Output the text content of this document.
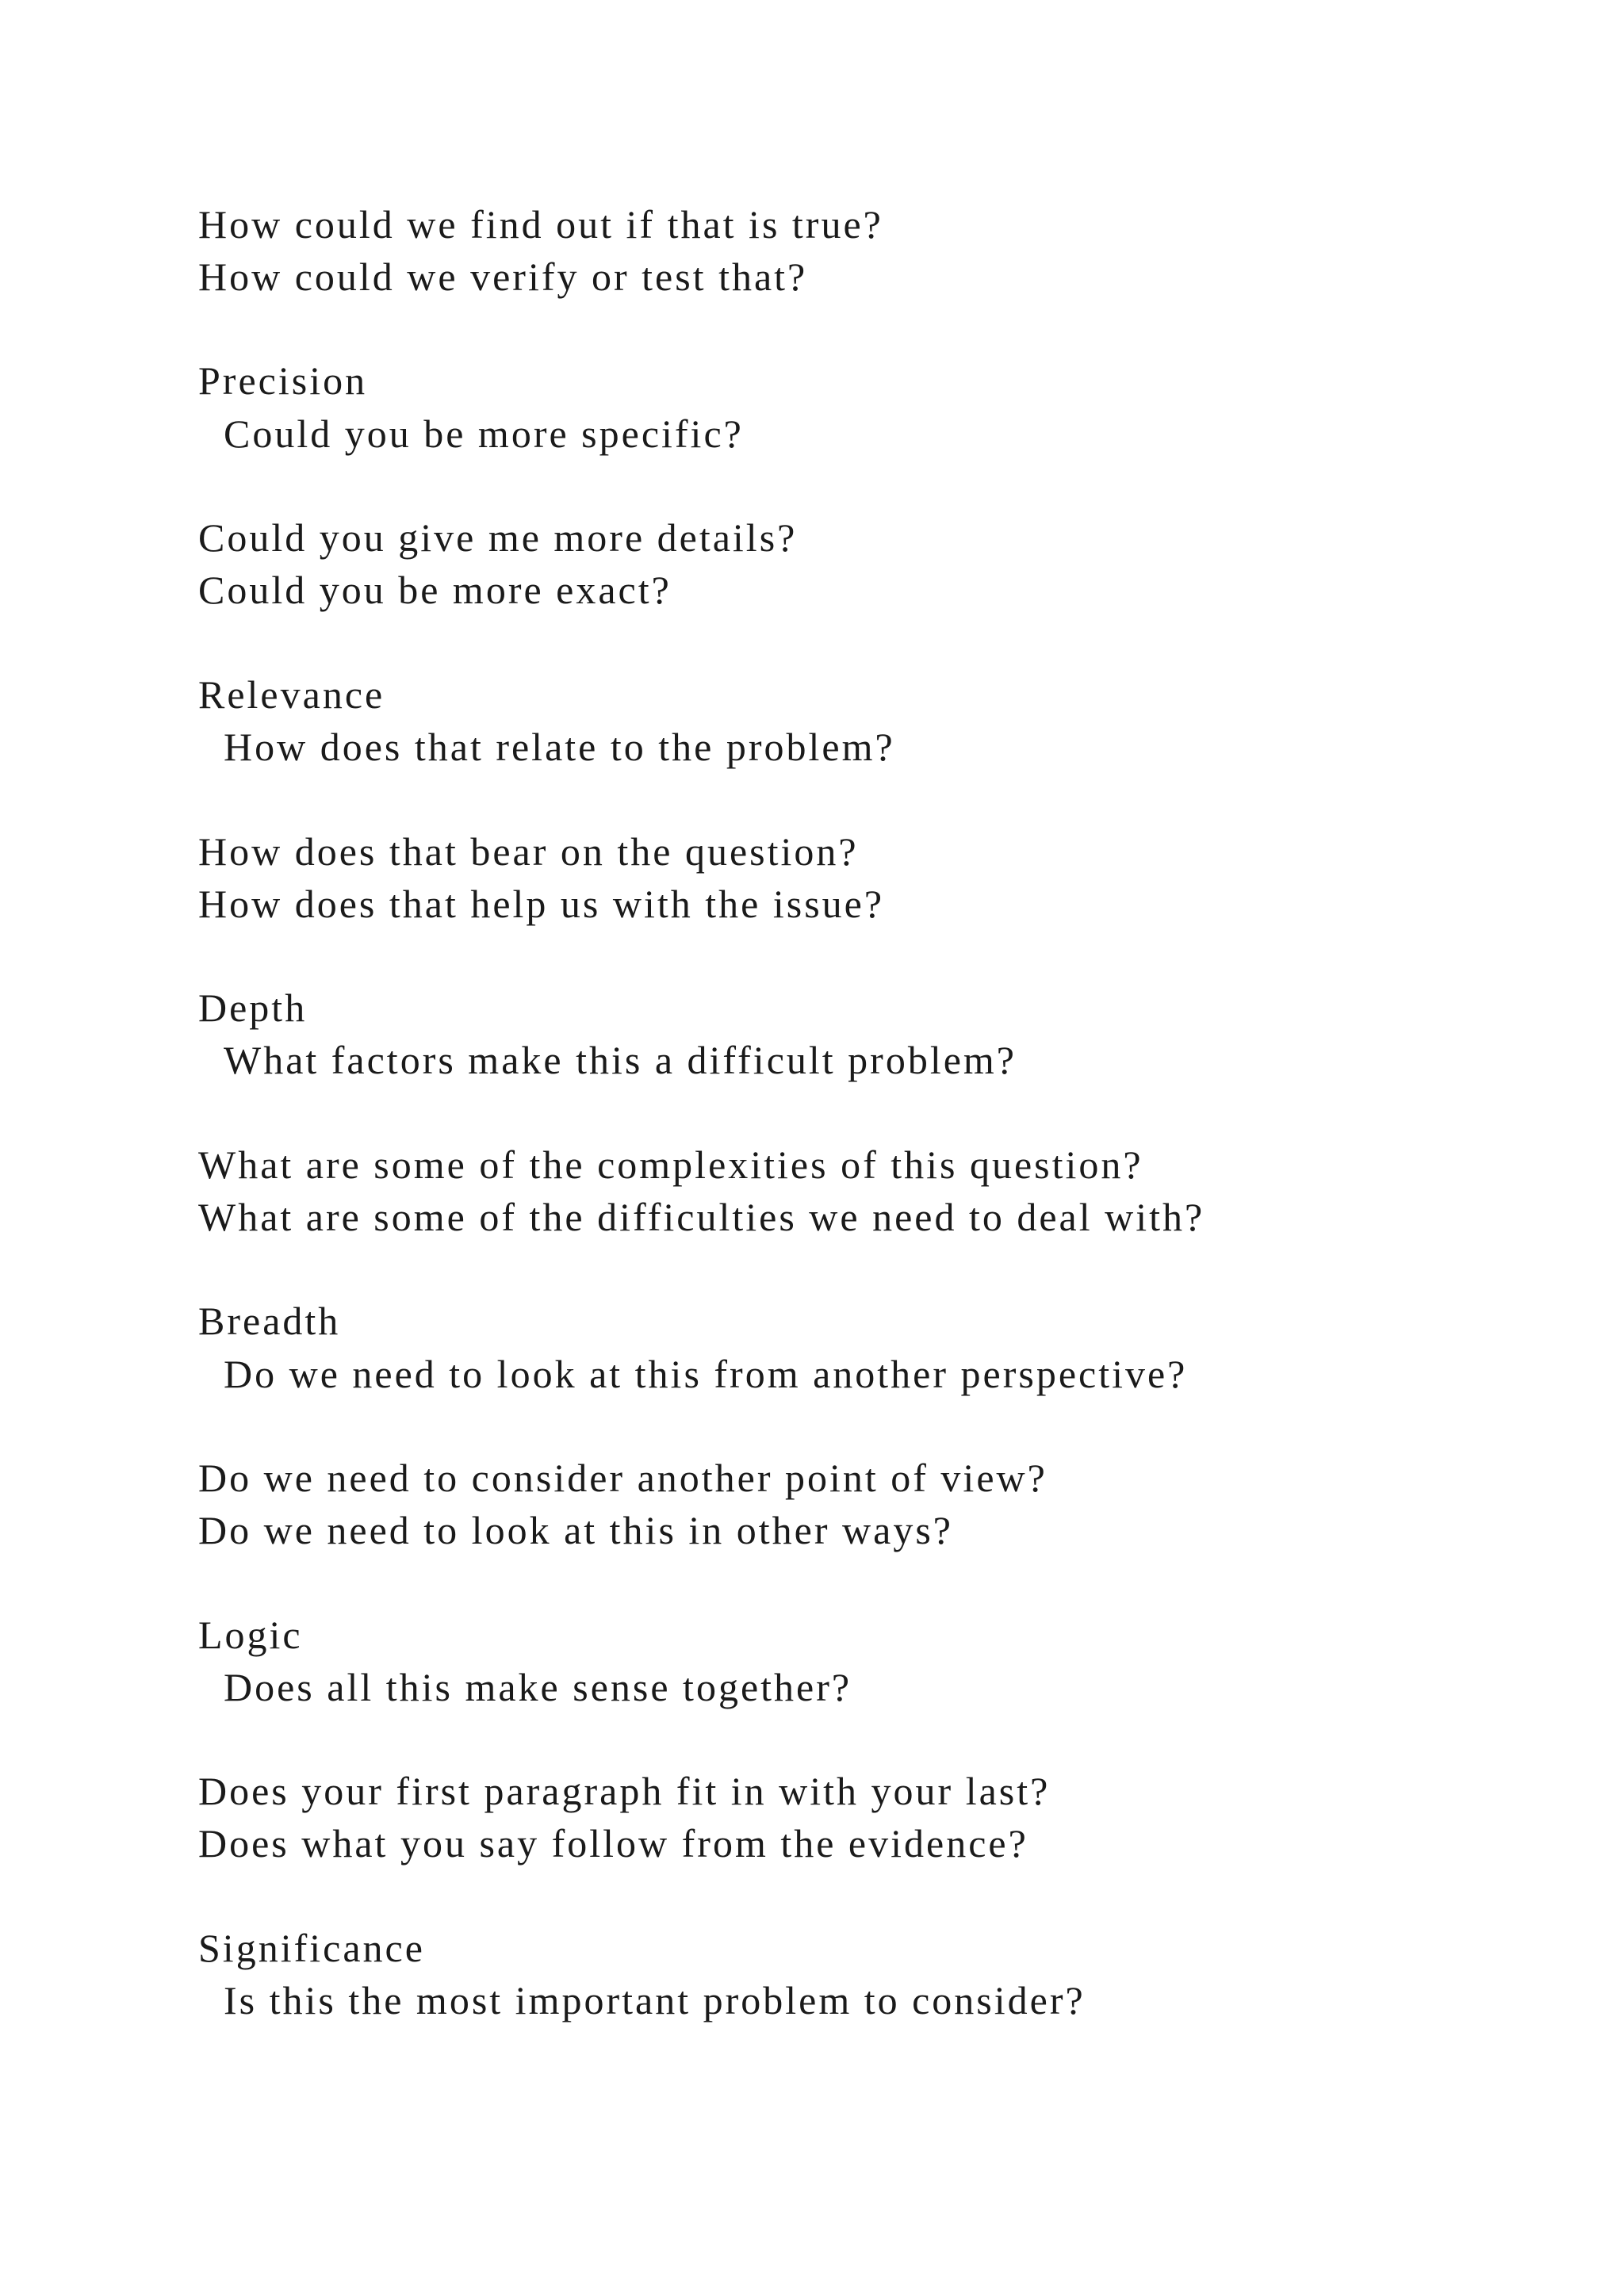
How could we find out if that is true?
How could we verify or test that?
Precision
Could you be more specific?
Could you give me more details?
Could you be more exact?
Relevance
How does that relate to the problem?
How does that bear on the question?
How does that help us with the issue?
Depth
What factors make this a difficult problem?
What are some of the complexities of this question?
What are some of the difficulties we need to deal with?
Breadth
Do we need to look at this from another perspective?
Do we need to consider another point of view?
Do we need to look at this in other ways?
Logic
Does all this make sense together?
Does your first paragraph fit in with your last?
Does what you say follow from the evidence?
Significance
Is this the most important problem to consider?
